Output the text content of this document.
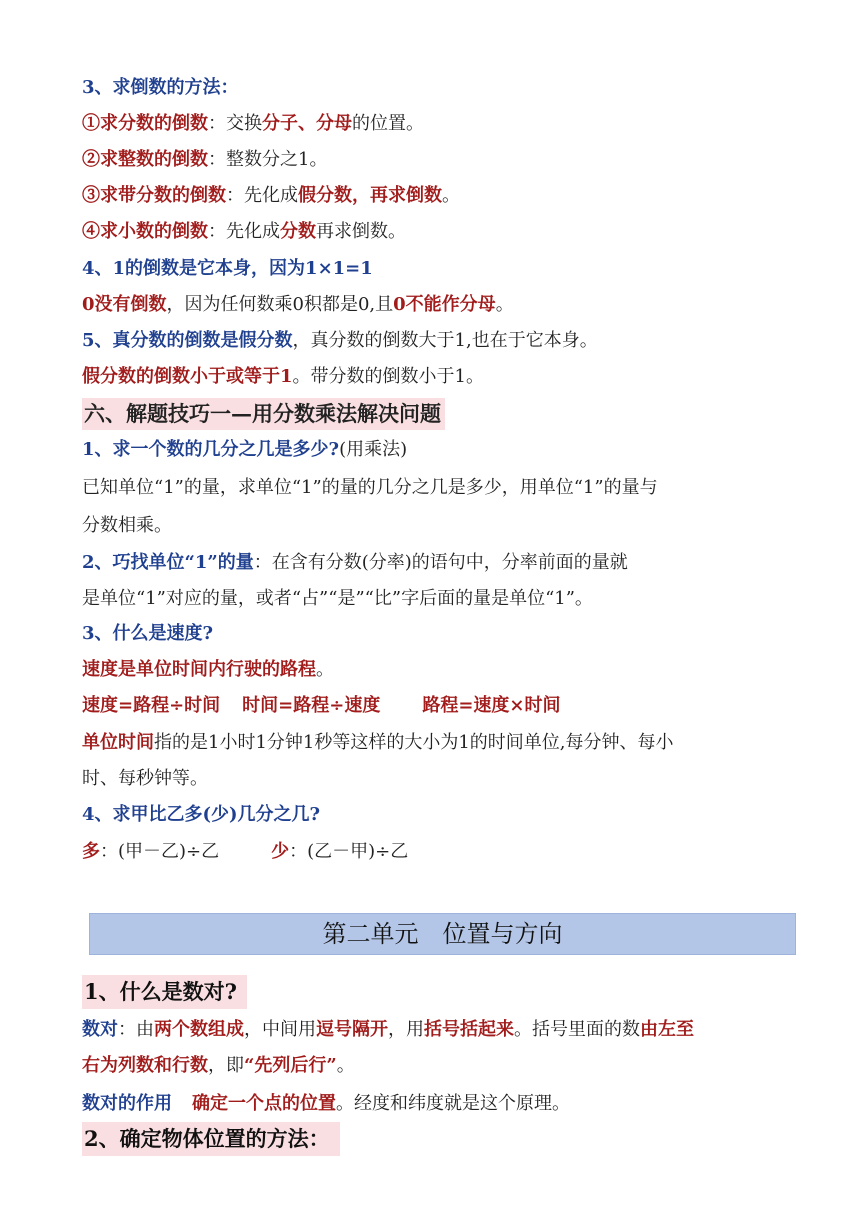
3、求倒数的方法：
①求分数的倒数：交换分子、分母的位置。
②求整数的倒数：整数分之1。
③求带分数的倒数：先化成假分数，再求倒数。
④求小数的倒数：先化成分数再求倒数。
4、1的倒数是它本身，因为1×1=1
0没有倒数，因为任何数乘0积都是0,且0不能作分母。
5、真分数的倒数是假分数，真分数的倒数大于1,也在于它本身。
假分数的倒数小于或等于1。带分数的倒数小于1。
六、解题技巧一—用分数乘法解决问题
1、求一个数的几分之几是多少?(用乘法)
已知单位“1”的量，求单位“1”的量的几分之几是多少，用单位“1”的量与
分数相乘。
2、巧找单位“1”的量：在含有分数(分率)的语句中，分率前面的量就
是单位“1”对应的量，或者“占”“是”“比”字后面的量是单位“1”。
3、什么是速度?
速度是单位时间内行驶的路程。
速度=路程÷时间 时间=路程÷速度 路程=速度×时间
单位时间指的是1小时1分钟1秒等这样的大小为1的时间单位,每分钟、每小
时、每秒钟等。
4、求甲比乙多(少)几分之几?
多：(甲－乙)÷乙	少：(乙－甲)÷乙
第二单元　位置与方向
1、什么是数对?
数对：由两个数组成，中间用逗号隔开，用括号括起来。括号里面的数由左至
右为列数和行数，即“先列后行”。
数对的作用 确定一个点的位置。经度和纬度就是这个原理。
2、确定物体位置的方法：
